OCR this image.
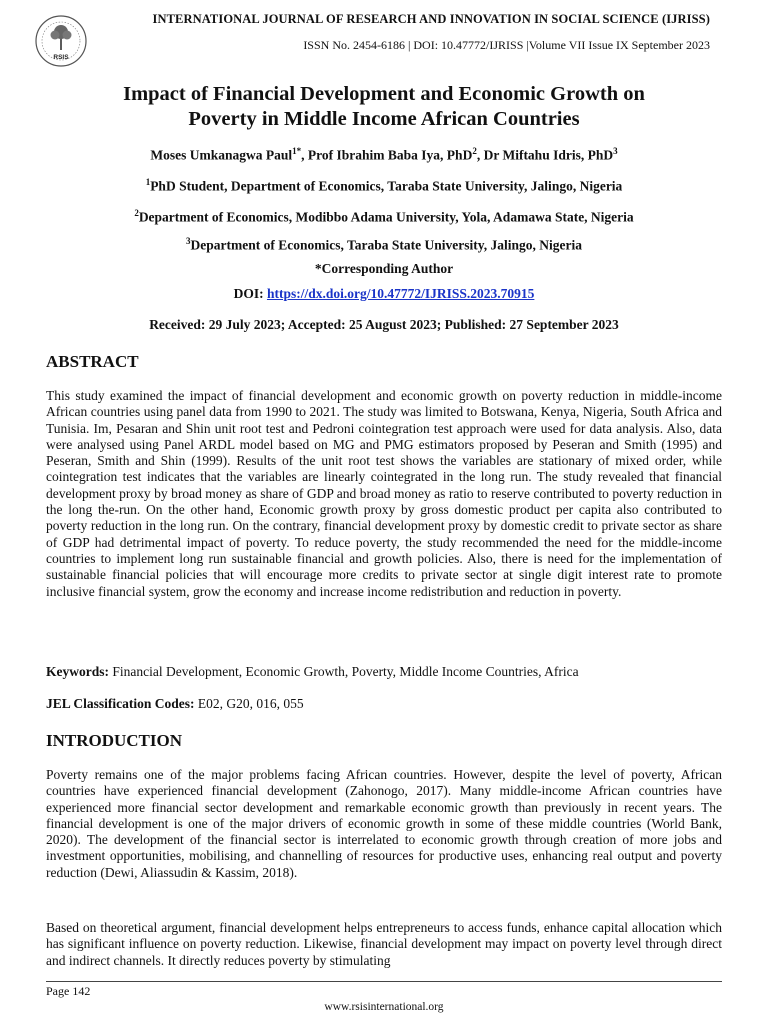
RSIS
INTERNATIONAL JOURNAL OF RESEARCH AND INNOVATION IN SOCIAL SCIENCE (IJRISS)
ISSN No. 2454-6186 | DOI: 10.47772/IJRISS |Volume VII Issue IX September 2023
Impact of Financial Development and Economic Growth on
Poverty in Middle Income African Countries
Moses Umkanagwa Paul$^{1*}$, Prof Ibrahim Baba Iya, PhD$^2$, Dr Miftahu Idris, PhD$^3$
$^1$PhD Student, Department of Economics, Taraba State University, Jalingo, Nigeria
$^2$Department of Economics, Modibbo Adama University, Yola, Adamawa State, Nigeria
$^3$Department of Economics, Taraba State University, Jalingo, Nigeria
*Corresponding Author
DOI: https://dx.doi.org/10.47772/IJRISS.2023.70915
Received: 29 July 2023; Accepted: 25 August 2023; Published: 27 September 2023
ABSTRACT
This study examined the impact of financial development and economic growth on poverty reduction in middle-income African countries using panel data from 1990 to 2021. The study was limited to Botswana, Kenya, Nigeria, South Africa and Tunisia. Im, Pesaran and Shin unit root test and Pedroni cointegration test approach were used for data analysis. Also, data were analysed using Panel ARDL model based on MG and PMG estimators proposed by Peseran and Smith (1995) and Peseran, Smith and Shin (1999). Results of the unit root test shows the variables are stationary of mixed order, while cointegration test indicates that the variables are linearly cointegrated in the long run. The study revealed that financial development proxy by broad money as share of GDP and broad money as ratio to reserve contributed to poverty reduction in the long the-run. On the other hand, Economic growth proxy by gross domestic product per capita also contributed to poverty reduction in the long run. On the contrary, financial development proxy by domestic credit to private sector as share of GDP had detrimental impact of poverty. To reduce poverty, the study recommended the need for the middle-income countries to implement long run sustainable financial and growth policies. Also, there is need for the implementation of sustainable financial policies that will encourage more credits to private sector at single digit interest rate to promote inclusive financial system, grow the economy and increase income redistribution and reduction in poverty.
Keywords: Financial Development, Economic Growth, Poverty, Middle Income Countries, Africa
JEL Classification Codes: E02, G20, 016, 055
INTRODUCTION
Poverty remains one of the major problems facing African countries. However, despite the level of poverty, African countries have experienced financial development (Zahonogo, 2017). Many middle-income African countries have experienced more financial sector development and remarkable economic growth than previously in recent years. The financial development is one of the major drivers of economic growth in some of these middle countries (World Bank, 2020). The development of the financial sector is interrelated to economic growth through creation of more jobs and investment opportunities, mobilising, and channelling of resources for productive uses, enhancing real output and poverty reduction (Dewi, Aliassudin & Kassim, 2018).
Based on theoretical argument, financial development helps entrepreneurs to access funds, enhance capital allocation which has significant influence on poverty reduction. Likewise, financial development may impact on poverty level through direct and indirect channels. It directly reduces poverty by stimulating
Page 142
www.rsisinternational.org
